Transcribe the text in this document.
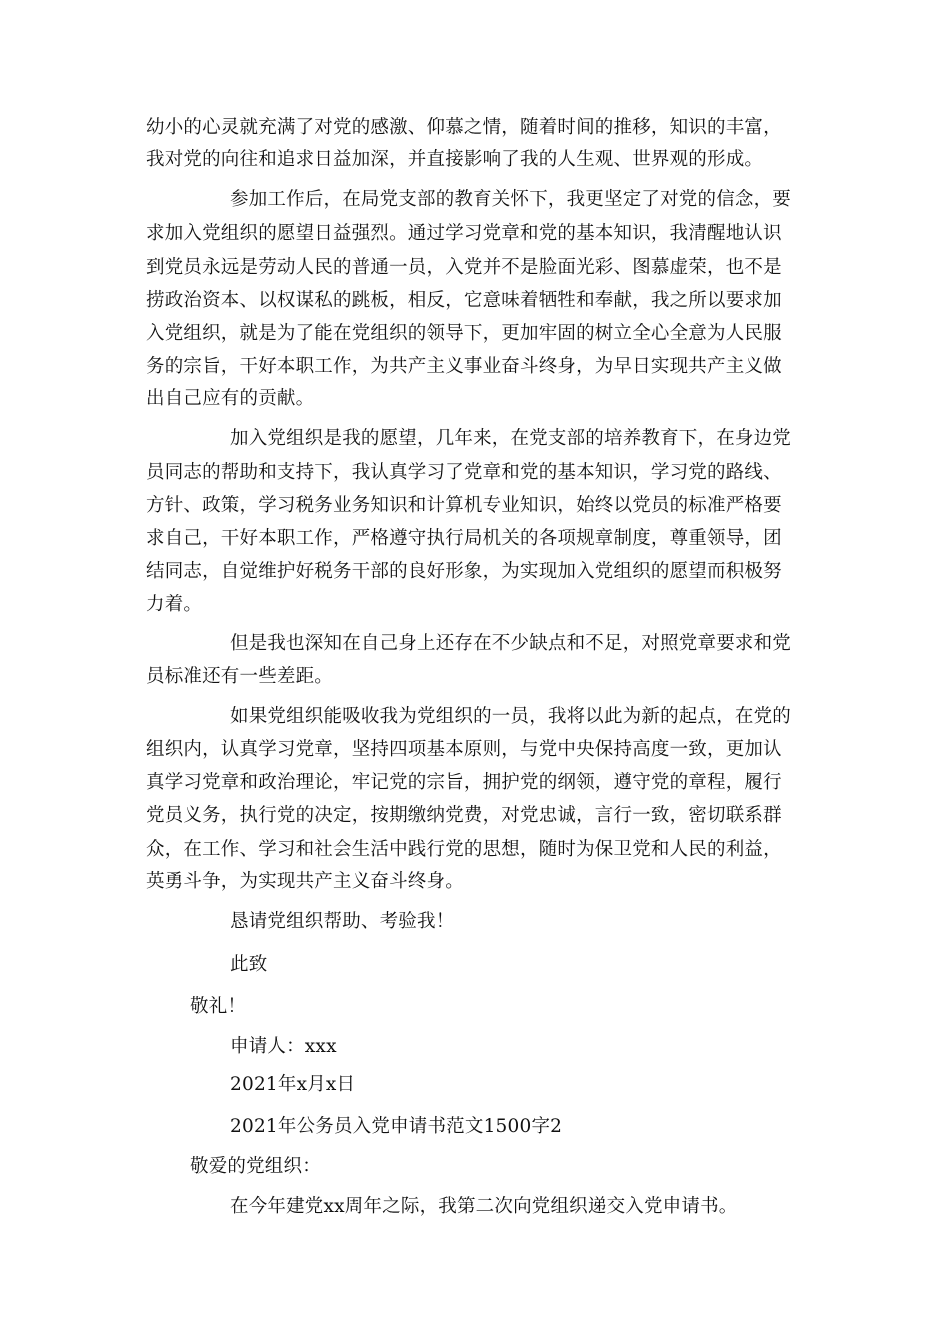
幼小的心灵就充满了对党的感激、仰慕之情，随着时间的推移，知识的丰富，
我对党的向往和追求日益加深，并直接影响了我的人生观、世界观的形成。
参加工作后，在局党支部的教育关怀下，我更坚定了对党的信念，要
求加入党组织的愿望日益强烈。通过学习党章和党的基本知识，我清醒地认识
到党员永远是劳动人民的普通一员，入党并不是脸面光彩、图慕虚荣，也不是
捞政治资本、以权谋私的跳板，相反，它意味着牺牲和奉献，我之所以要求加
入党组织，就是为了能在党组织的领导下，更加牢固的树立全心全意为人民服
务的宗旨，干好本职工作，为共产主义事业奋斗终身，为早日实现共产主义做
出自己应有的贡献。
加入党组织是我的愿望，几年来，在党支部的培养教育下，在身边党
员同志的帮助和支持下，我认真学习了党章和党的基本知识，学习党的路线、
方针、政策，学习税务业务知识和计算机专业知识，始终以党员的标准严格要
求自己，干好本职工作，严格遵守执行局机关的各项规章制度，尊重领导，团
结同志，自觉维护好税务干部的良好形象，为实现加入党组织的愿望而积极努
力着。
但是我也深知在自己身上还存在不少缺点和不足，对照党章要求和党
员标准还有一些差距。
如果党组织能吸收我为党组织的一员，我将以此为新的起点，在党的
组织内，认真学习党章，坚持四项基本原则，与党中央保持高度一致，更加认
真学习党章和政治理论，牢记党的宗旨，拥护党的纲领，遵守党的章程，履行
党员义务，执行党的决定，按期缴纳党费，对党忠诚，言行一致，密切联系群
众，在工作、学习和社会生活中践行党的思想，随时为保卫党和人民的利益，
英勇斗争，为实现共产主义奋斗终身。
恳请党组织帮助、考验我！
此致
敬礼！
申请人：xxx
2021年x月x日
2021年公务员入党申请书范文1500字2
敬爱的党组织：
在今年建党xx周年之际，我第二次向党组织递交入党申请书。
